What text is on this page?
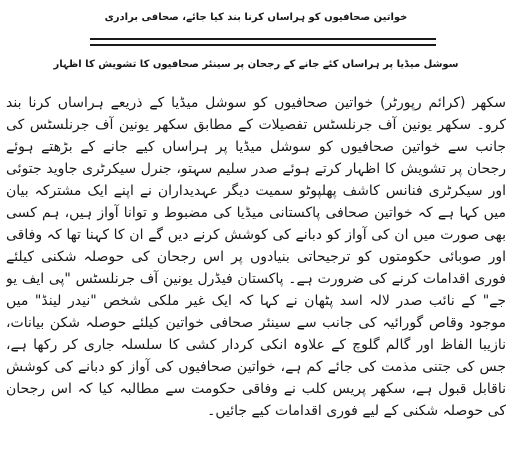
خواتین صحافیوں کو ہراساں کرنا بند کیا جائے، صحافی برادری
سوشل میڈیا پر ہراساں کئے جانے کے رجحان پر سینئر صحافیوں کا تشویش کا اظہار
سکھر (کرائم رپورٹر) خواتین صحافیوں کو سوشل میڈیا کے ذریعے ہراساں کرنا بند کرو۔ سکھر یونین آف جرنلسٹس تفصیلات کے مطابق سکھر یونین آف جرنلسٹس کی جانب سے خواتین صحافیوں کو سوشل میڈیا پر ہراساں کیے جانے کے بڑھتے ہوئے رجحان پر تشویش کا اظہار کرتے ہوئے صدر سلیم سہتو، جنرل سیکرٹری جاوید جتوئی اور سیکرٹری فنانس کاشف پھلپوٹو سمیت دیگر عہدیداران نے اپنے ایک مشترکہ بیان میں کہا ہے کہ خواتین صحافی پاکستانی میڈیا کی مضبوط و توانا آواز ہیں، ہم کسی بھی صورت میں ان کی آواز کو دبانے کی کوشش کرنے دیں گے ان کا کہنا تھا کہ وفاقی اور صوبائی حکومتوں کو ترجیحاتی بنیادوں پر اس رجحان کی حوصلہ شکنی کیلئے فوری اقدامات کرنے کی ضرورت ہے۔ پاکستان فیڈرل یونین آف جرنلسٹس "پی ایف یو جے" کے نائب صدر لالہ اسد پٹھان نے کہا کہ ایک غیر ملکی شخص "نیدر لینڈ" میں موجود وقاص گورائیہ کی جانب سے سینئر صحافی خواتین کیلئے حوصلہ شکن بیانات، نازیبا الفاظ اور گالم گلوچ کے علاوہ انکی کردار کشی کا سلسلہ جاری کر رکھا ہے، جس کی جتنی مذمت کی جائے کم ہے، خواتین صحافیوں کی آواز کو دبانے کی کوشش ناقابل قبول ہے، سکھر پریس کلب نے وفاقی حکومت سے مطالبہ کیا کہ اس رجحان کی حوصلہ شکنی کے لیے فوری اقدامات کیے جائیں۔
